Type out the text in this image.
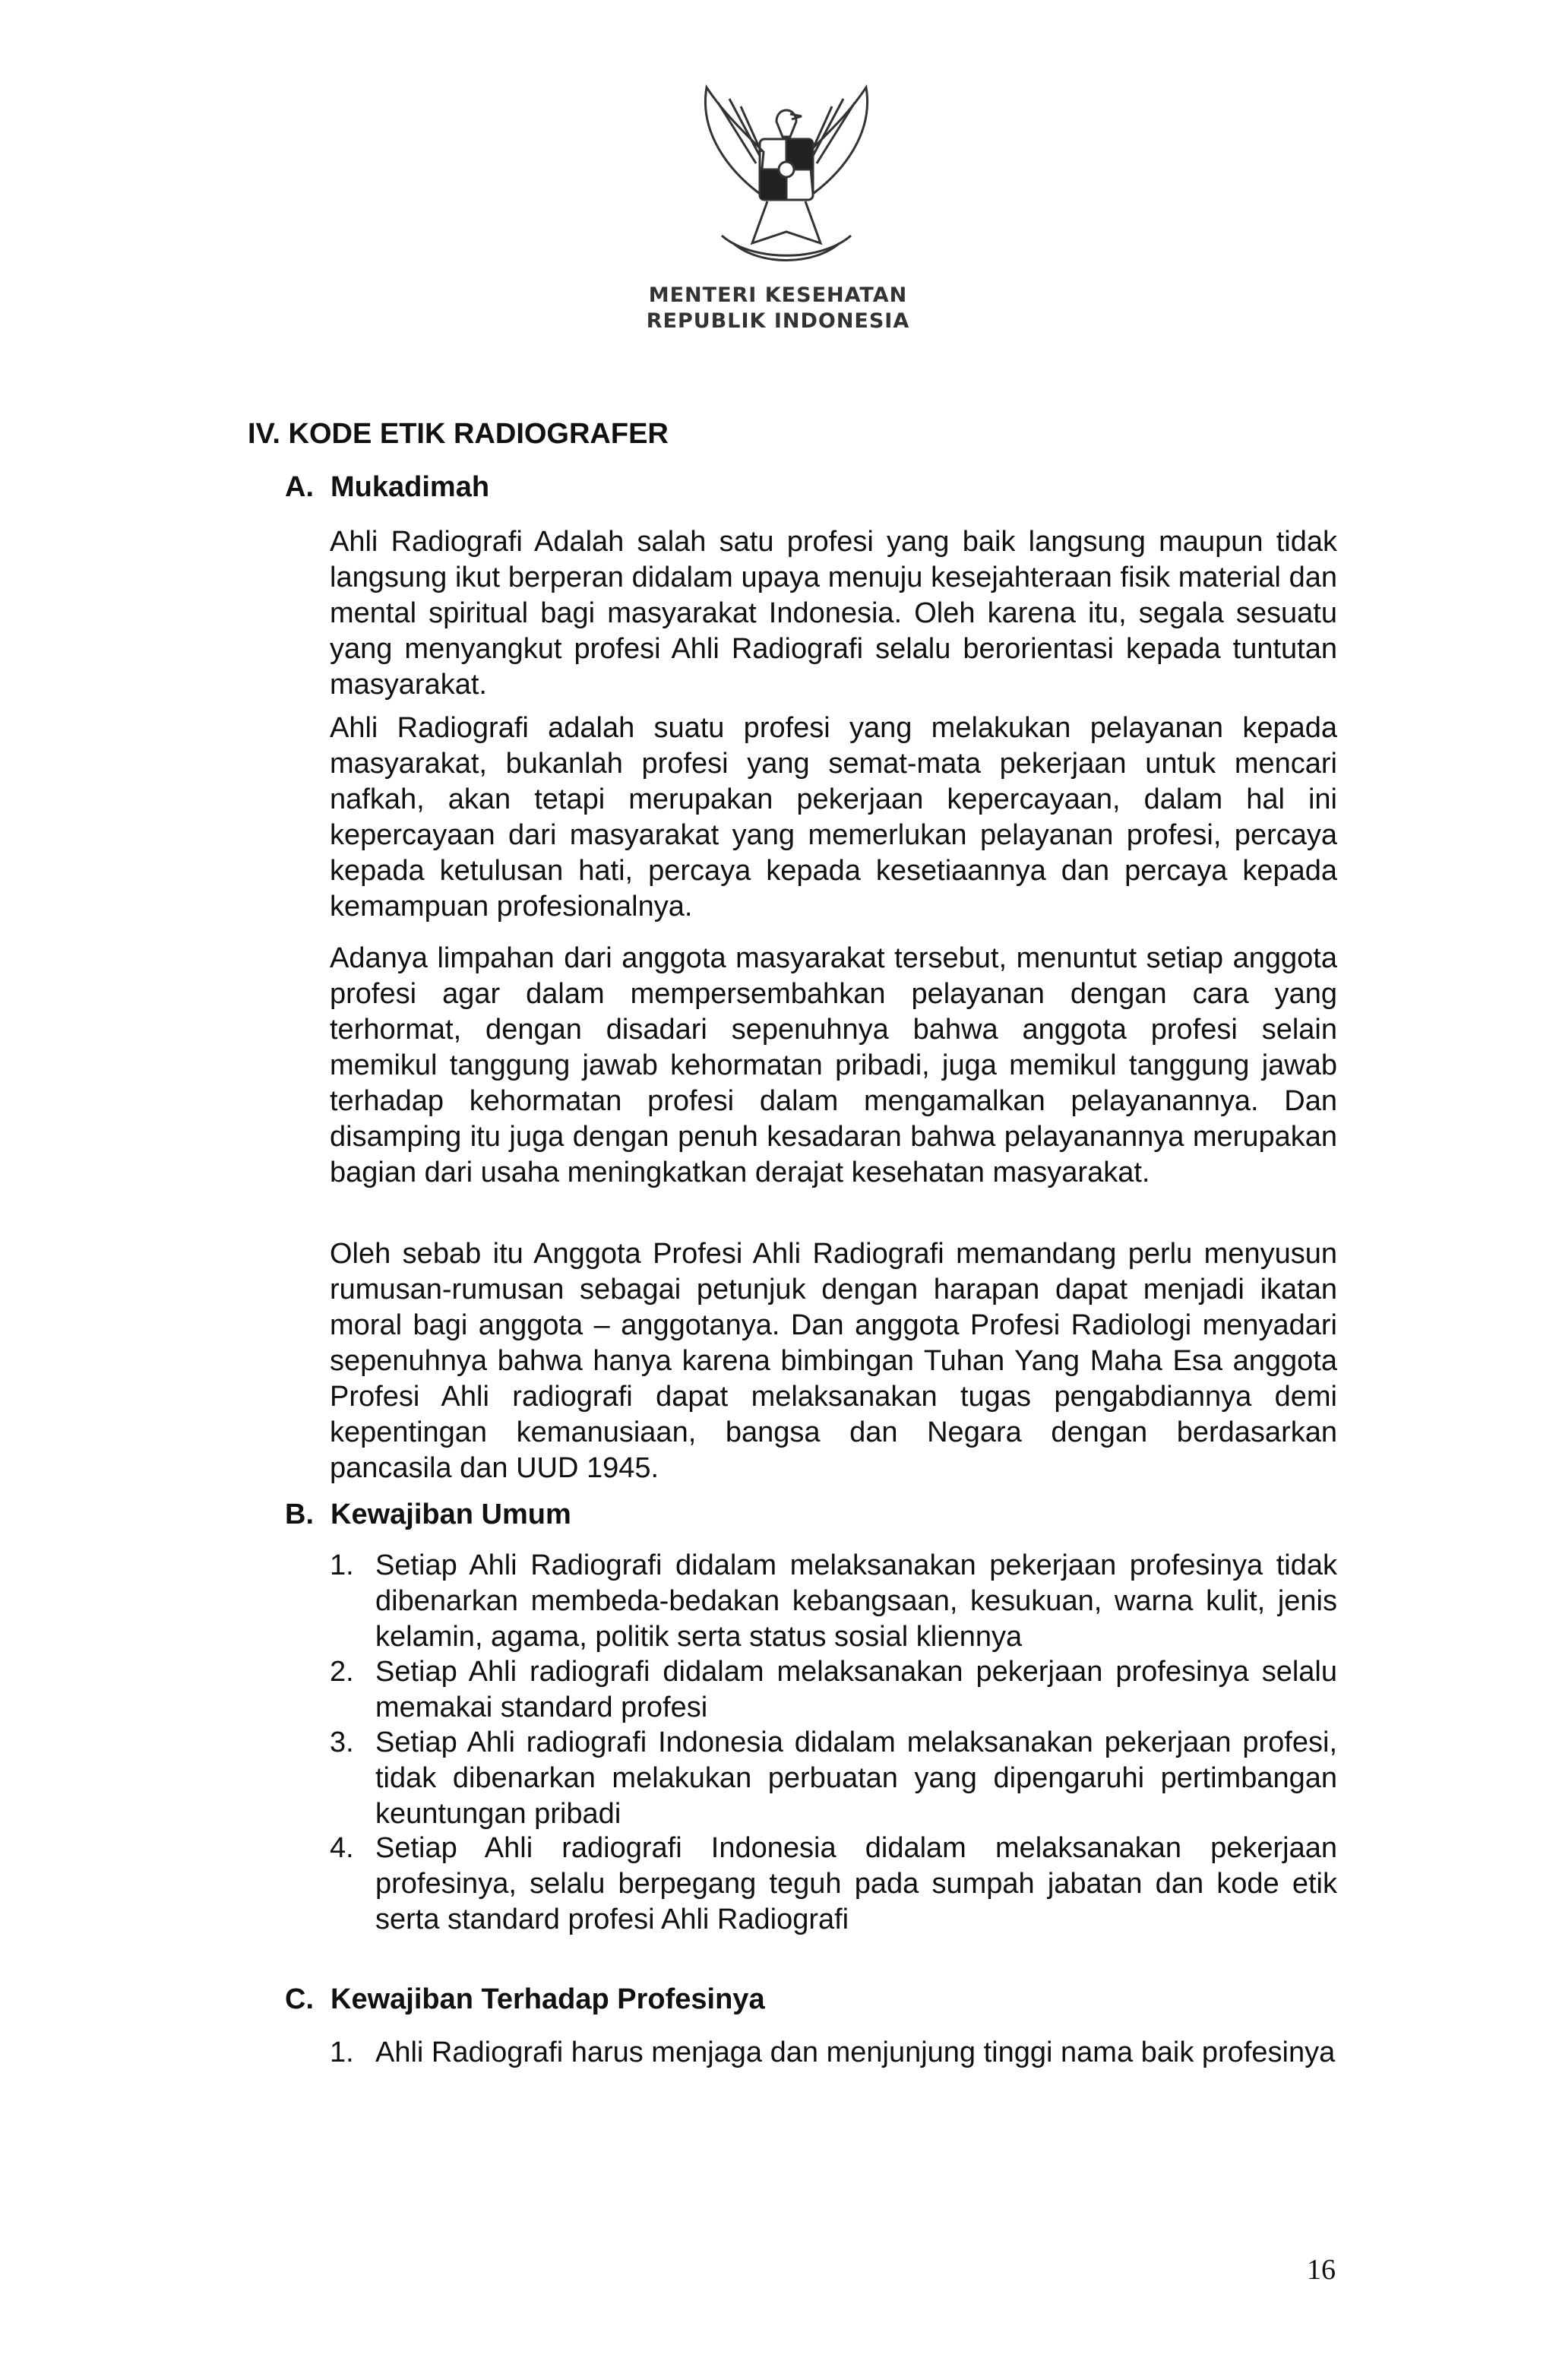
MENTERI KESEHATAN
REPUBLIK INDONESIA
IV. KODE ETIK RADIOGRAFER
A. Mukadimah

Ahli Radiografi Adalah salah satu profesi yang baik langsung maupun tidak langsung ikut berperan didalam upaya menuju kesejahteraan fisik material dan mental spiritual bagi masyarakat Indonesia. Oleh karena itu, segala sesuatu yang menyangkut profesi Ahli Radiografi selalu berorientasi kepada tuntutan masyarakat.

Ahli Radiografi adalah suatu profesi yang melakukan pelayanan kepada masyarakat, bukanlah profesi yang semat-mata pekerjaan untuk mencari nafkah, akan tetapi merupakan pekerjaan kepercayaan, dalam hal ini kepercayaan dari masyarakat yang memerlukan pelayanan profesi, percaya kepada ketulusan hati, percaya kepada kesetiaannya dan percaya kepada kemampuan profesionalnya.

Adanya limpahan dari anggota masyarakat tersebut, menuntut setiap anggota profesi agar dalam mempersembahkan pelayanan dengan cara yang terhormat, dengan disadari sepenuhnya bahwa anggota profesi selain memikul tanggung jawab kehormatan pribadi, juga memikul tanggung jawab terhadap kehormatan profesi dalam mengamalkan pelayanannya. Dan disamping itu juga dengan penuh kesadaran bahwa pelayanannya merupakan bagian dari usaha meningkatkan derajat kesehatan masyarakat.

Oleh sebab itu Anggota Profesi Ahli Radiografi memandang perlu menyusun rumusan-rumusan sebagai petunjuk dengan harapan dapat menjadi ikatan moral bagi anggota – anggotanya. Dan anggota Profesi Radiologi menyadari sepenuhnya bahwa hanya karena bimbingan Tuhan Yang Maha Esa anggota Profesi Ahli radiografi dapat melaksanakan tugas pengabdiannya demi kepentingan kemanusiaan, bangsa dan Negara dengan berdasarkan pancasila dan UUD 1945.

B. Kewajiban Umum
1. Setiap Ahli Radiografi didalam melaksanakan pekerjaan profesinya tidak dibenarkan membeda-bedakan kebangsaan, kesukuan, warna kulit, jenis kelamin, agama, politik serta status sosial kliennya
2. Setiap Ahli radiografi didalam melaksanakan pekerjaan profesinya selalu memakai standard profesi
3. Setiap Ahli radiografi Indonesia didalam melaksanakan pekerjaan profesi, tidak dibenarkan melakukan perbuatan yang dipengaruhi pertimbangan keuntungan pribadi
4. Setiap Ahli radiografi Indonesia didalam melaksanakan pekerjaan profesinya, selalu berpegang teguh pada sumpah jabatan dan kode etik serta standard profesi Ahli Radiografi
C. Kewajiban Terhadap Profesinya
1. Ahli Radiografi harus menjaga dan menjunjung tinggi nama baik profesinya
16
